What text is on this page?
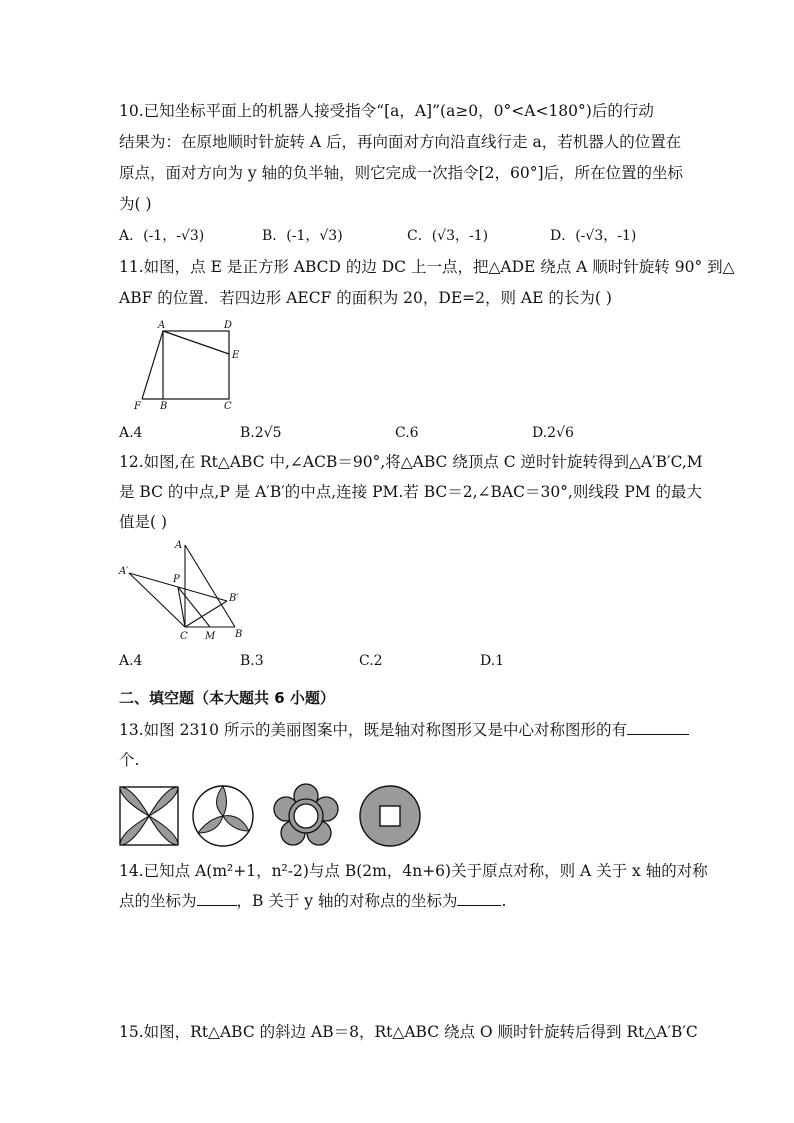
10.已知坐标平面上的机器人接受指令“[a，A]”(a≥0，0°<A<180°)后的行动
结果为：在原地顺时针旋转 A 后，再向面对方向沿直线行走 a，若机器人的位置在
原点，面对方向为 y 轴的负半轴，则它完成一次指令[2，60°]后，所在位置的坐标
为( )
A．(-1，-√3)	B．(-1，√3)	C．(√3，-1)	D．(-√3，-1)
11.如图，点 E 是正方形 ABCD 的边 DC 上一点，把△ADE 绕点 A 顺时针旋转 90° 到△
ABF 的位置．若四边形 AECF 的面积为 20，DE=2，则 AE 的长为( )
A	D
E
F B	C
A.4	B.2√5	C.6	D.2√6
12.如图,在 Rt△ABC 中,∠ACB＝90°,将△ABC 绕顶点 C 逆时针旋转得到△A′B′C,M
是 BC 的中点,P 是 A′B′的中点,连接 PM.若 BC＝2,∠BAC＝30°,则线段 PM 的最大
值是( )
A
A′
P
B′
C M B
A.4	B.3	C.2	D.1
二、填空题（本大题共 6 小题）
13.如图 2310 所示的美丽图案中，既是轴对称图形又是中心对称图形的有
个.
14.已知点 A(m²+1，n²-2)与点 B(2m，4n+6)关于原点对称，则 A 关于 x 轴的对称
点的坐标为	，B 关于 y 轴的对称点的坐标为	.
15.如图，Rt△ABC 的斜边 AB＝8，Rt△ABC 绕点 O 顺时针旋转后得到 Rt△A′B′C
